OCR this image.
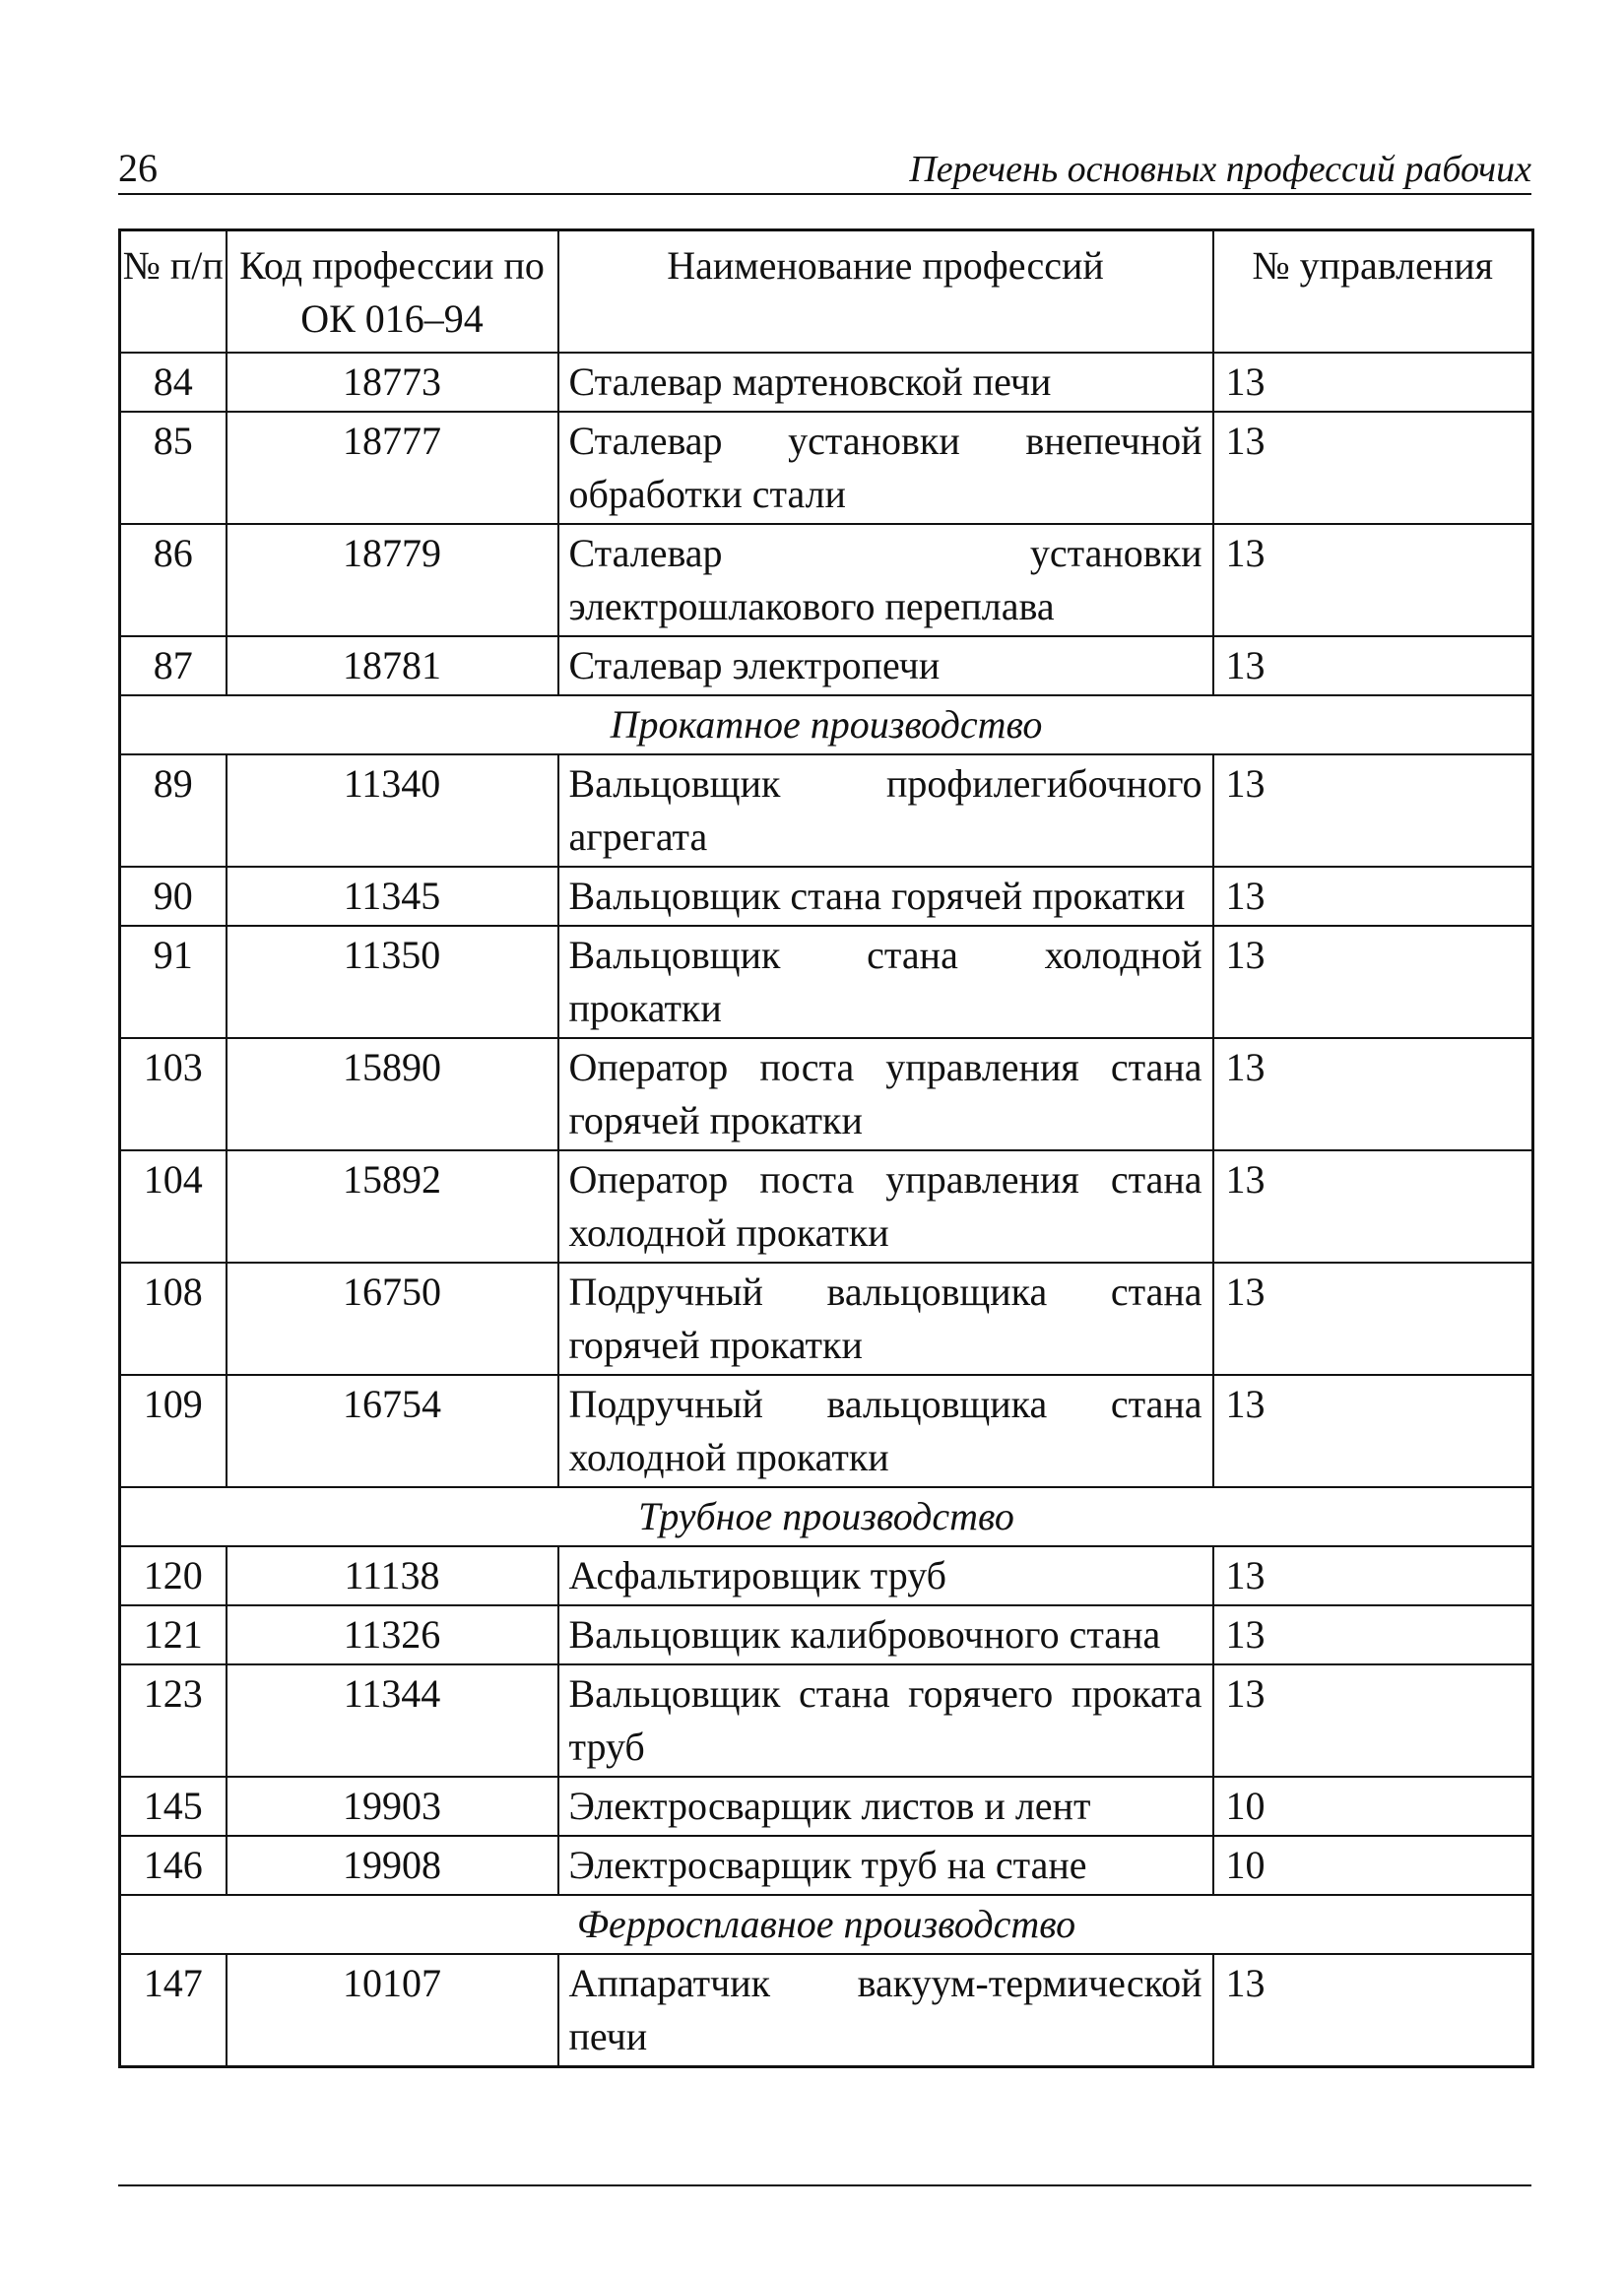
26	Перечень основных профессий рабочих
№ п/п	Код профессии по ОК 016–94	Наименование профессий	№ управления
84	18773	Сталевар мартеновской печи	13
85	18777	Сталевар установки внепечной обработки стали	13
86	18779	Сталевар установки электрошлакового переплава	13
87	18781	Сталевар электропечи	13
Прокатное производство			
89	11340	Вальцовщик профилегибочного агрегата	13
90	11345	Вальцовщик стана горячей прокатки	13
91	11350	Вальцовщик стана холодной прокатки	13
103	15890	Оператор поста управления стана горячей прокатки	13
104	15892	Оператор поста управления стана холодной прокатки	13
108	16750	Подручный вальцовщика стана горячей прокатки	13
109	16754	Подручный вальцовщика стана холодной прокатки	13
Трубное производство			
120	11138	Асфальтировщик труб	13
121	11326	Вальцовщик калибровочного стана	13
123	11344	Вальцовщик стана горячего проката труб	13
145	19903	Электросварщик листов и лент	10
146	19908	Электросварщик труб на стане	10
Ферросплавное производство			
147	10107	Аппаратчик вакуум-термической печи	13
